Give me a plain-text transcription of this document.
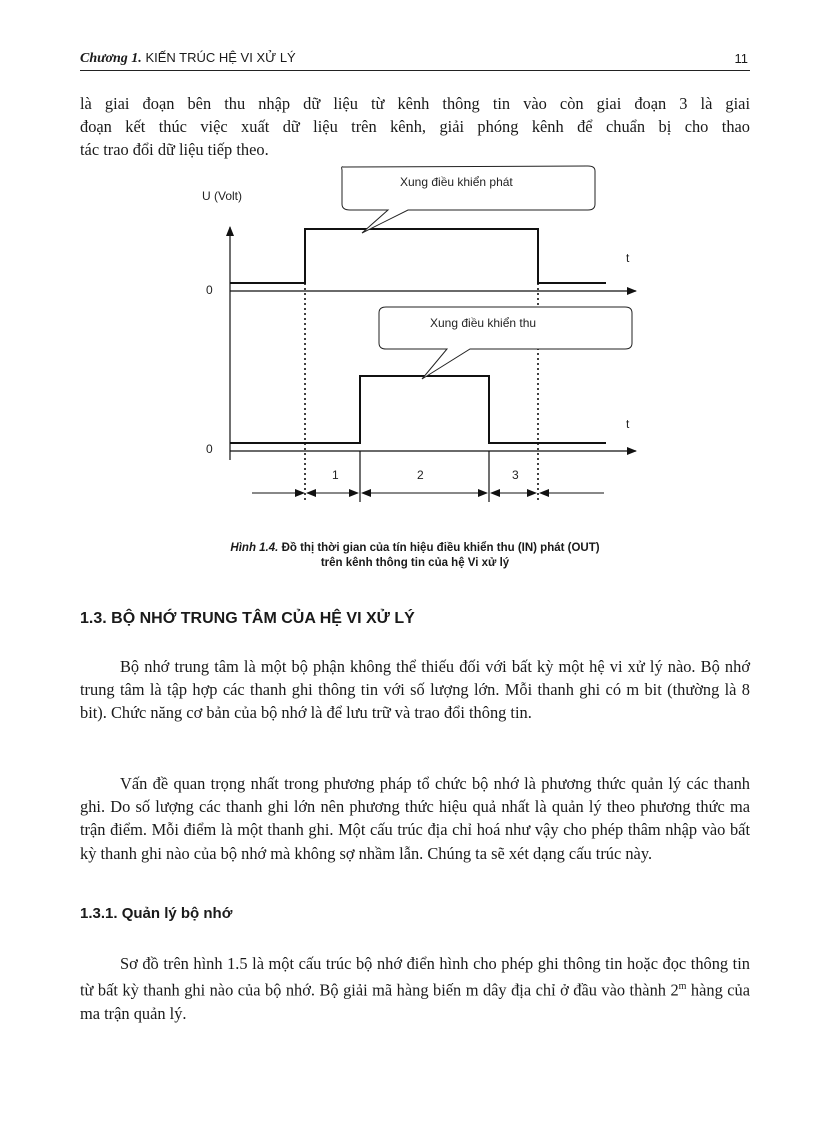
Chương 1. KIẾN TRÚC HỆ VI XỬ LÝ	11

là giai đoạn bên thu nhập dữ liệu từ kênh thông tin vào còn giai đoạn 3 là giai

đoạn kết thúc việc xuất dữ liệu trên kênh, giải phóng kênh để chuẩn bị cho thao

tác trao đổi dữ liệu tiếp theo.

U (Volt)
0
t
0
t
Xung điều khiển phát
Xung điều khiển thu
1	2	3
Hình 1.4. Đồ thị thời gian của tín hiệu điều khiển thu (IN) phát (OUT)
trên kênh thông tin của hệ Vi xử lý
1.3. BỘ NHỚ TRUNG TÂM CỦA HỆ VI XỬ LÝ

Bộ nhớ trung tâm là một bộ phận không thể thiếu đối với bất kỳ một hệ vi xử lý nào. Bộ nhớ trung tâm là tập hợp các thanh ghi thông tin với số lượng lớn. Mỗi thanh ghi có m bit (thường là 8 bit). Chức năng cơ bản của bộ nhớ là để lưu trữ và trao đổi thông tin.

Vấn đề quan trọng nhất trong phương pháp tổ chức bộ nhớ là phương thức quản lý các thanh ghi. Do số lượng các thanh ghi lớn nên phương thức hiệu quả nhất là quản lý theo phương thức ma trận điểm. Mỗi điểm là một thanh ghi. Một cấu trúc địa chỉ hoá như vậy cho phép thâm nhập vào bất kỳ thanh ghi nào của bộ nhớ mà không sợ nhầm lẫn. Chúng ta sẽ xét dạng cấu trúc này.

1.3.1. Quản lý bộ nhớ

Sơ đồ trên hình 1.5 là một cấu trúc bộ nhớ điển hình cho phép ghi thông tin hoặc đọc thông tin từ bất kỳ thanh ghi nào của bộ nhớ. Bộ giải mã hàng biến m dây địa chỉ ở đầu vào thành 2$^m$ hàng của ma trận quản lý.
